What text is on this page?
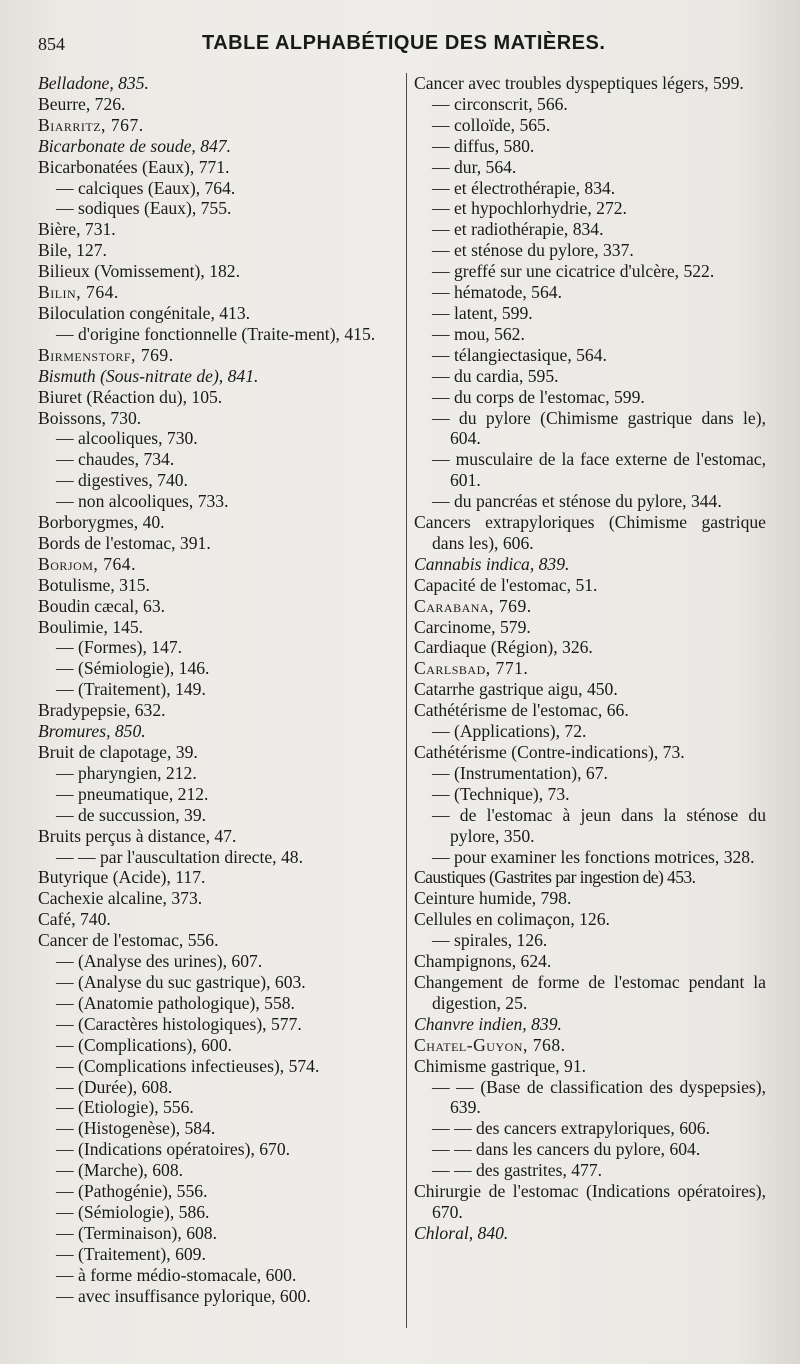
854	TABLE ALPHABÉTIQUE DES MATIÈRES.
Belladone, 835.
Beurre, 726.
Biarritz, 767.
Bicarbonate de soude, 847.
Bicarbonatées (Eaux), 771.
— calciques (Eaux), 764.
— sodiques (Eaux), 755.
Bière, 731.
Bile, 127.
Bilieux (Vomissement), 182.
Bilin, 764.
Biloculation congénitale, 413.
— d'origine fonctionnelle (Traite-ment), 415.
Birmenstorf, 769.
Bismuth (Sous-nitrate de), 841.
Biuret (Réaction du), 105.
Boissons, 730.
— alcooliques, 730.
— chaudes, 734.
— digestives, 740.
— non alcooliques, 733.
Borborygmes, 40.
Bords de l'estomac, 391.
Borjom, 764.
Botulisme, 315.
Boudin cæcal, 63.
Boulimie, 145.
— (Formes), 147.
— (Sémiologie), 146.
— (Traitement), 149.
Bradypepsie, 632.
Bromures, 850.
Bruit de clapotage, 39.
— pharyngien, 212.
— pneumatique, 212.
— de succussion, 39.
Bruits perçus à distance, 47.
— — par l'auscultation directe, 48.
Butyrique (Acide), 117.
Cachexie alcaline, 373.
Café, 740.
Cancer de l'estomac, 556.
— (Analyse des urines), 607.
— (Analyse du suc gastrique), 603.
— (Anatomie pathologique), 558.
— (Caractères histologiques), 577.
— (Complications), 600.
— (Complications infectieuses), 574.
— (Durée), 608.
— (Etiologie), 556.
— (Histogenèse), 584.
— (Indications opératoires), 670.
— (Marche), 608.
— (Pathogénie), 556.
— (Sémiologie), 586.
— (Terminaison), 608.
— (Traitement), 609.
— à forme médio-stomacale, 600.
— avec insuffisance pylorique, 600.
Cancer avec troubles dyspeptiques légers, 599.
— circonscrit, 566.
— colloïde, 565.
— diffus, 580.
— dur, 564.
— et électrothérapie, 834.
— et hypochlorhydrie, 272.
— et radiothérapie, 834.
— et sténose du pylore, 337.
— greffé sur une cicatrice d'ulcère, 522.
— hématode, 564.
— latent, 599.
— mou, 562.
— télangiectasique, 564.
— du cardia, 595.
— du corps de l'estomac, 599.
— du pylore (Chimisme gastrique dans le), 604.
— musculaire de la face externe de l'estomac, 601.
— du pancréas et sténose du pylore, 344.
Cancers extrapyloriques (Chimisme gastrique dans les), 606.
Cannabis indica, 839.
Capacité de l'estomac, 51.
Carabana, 769.
Carcinome, 579.
Cardiaque (Région), 326.
Carlsbad, 771.
Catarrhe gastrique aigu, 450.
Cathétérisme de l'estomac, 66.
— (Applications), 72.
Cathétérisme (Contre-indications), 73.
— (Instrumentation), 67.
— (Technique), 73.
— de l'estomac à jeun dans la sténose du pylore, 350.
— pour examiner les fonctions motrices, 328.
Caustiques (Gastrites par ingestion de) 453.
Ceinture humide, 798.
Cellules en colimaçon, 126.
— spirales, 126.
Champignons, 624.
Changement de forme de l'estomac pendant la digestion, 25.
Chanvre indien, 839.
Chatel-Guyon, 768.
Chimisme gastrique, 91.
— — (Base de classification des dyspepsies), 639.
— — des cancers extrapyloriques, 606.
— — dans les cancers du pylore, 604.
— — des gastrites, 477.
Chirurgie de l'estomac (Indications opératoires), 670.
Chloral, 840.
